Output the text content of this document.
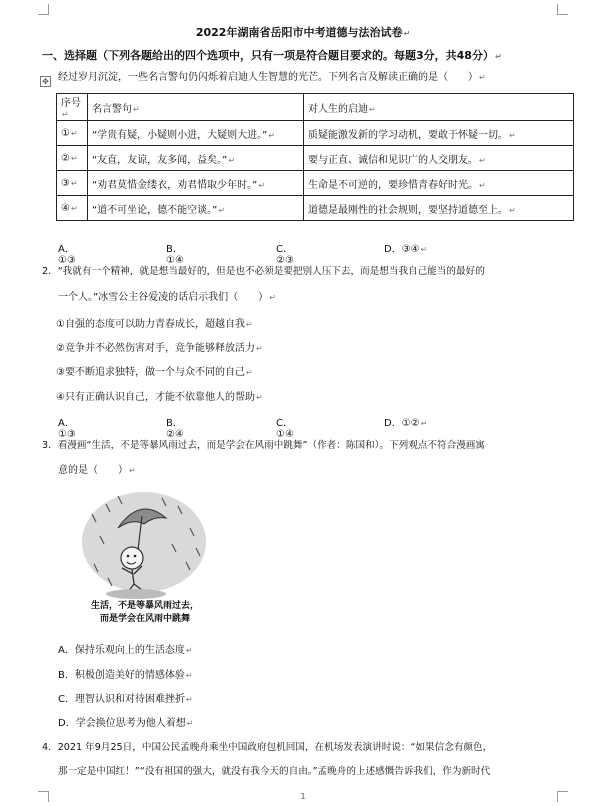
2022年湖南省岳阳市中考道德与法治试卷↵
一、选择题（下列各题给出的四个选项中，只有一项是符合题目要求的。每题3分，共48分）↵
✥ 经过岁月沉淀，一些名言警句仍闪烁着启迪人生智慧的光芒。下列名言及解读正确的是（　　）↵
序号↵	名言警句↵	对人生的启迪↵
①↵	“学贵有疑，小疑则小进，大疑则大进。”↵	质疑能激发新的学习动机，要敢于怀疑一切。↵
②↵	“友直，友谅，友多闻，益矣。”↵	要与正直、诚信和见识广的人交朋友。↵
③↵	“劝君莫惜金缕衣，劝君惜取少年时。”↵	生命是不可逆的，要珍惜青春好时光。↵
④↵	“道不可坐论，德不能空谈。”↵	道德是最刚性的社会规则，要坚持道德至上。↵
A．①③
B．①④
C．②③
D．③④↵
2．“我就有一个精神，就是想当最好的，但是也不必须是要把别人压下去，而是想当我自己能当的最好的
一个人。”冰雪公主谷爱凌的话启示我们（　　）↵
①自强的态度可以助力青春成长，超越自我↵
②竞争并不必然伤害对手，竞争能够释放活力↵
③要不断追求独特，做一个与众不同的自己↵
④只有正确认识自己，才能不依靠他人的帮助↵
A．①③
B．②④
C．①④
D．①②↵
3．看漫画“生活，不是等暴风雨过去，而是学会在风雨中跳舞”（作者：陈国和）。下列观点不符合漫画寓
意的是（　　）↵
生活，不是等暴风雨过去，
而是学会在风雨中跳舞
A．保持乐观向上的生活态度↵
B．积极创造美好的情感体验↵
C．理智认识和对待困难挫折↵
D．学会换位思考为他人着想↵
4．2021 年9月25日，中国公民孟晚舟乘坐中国政府包机回国，在机场发表演讲时说：“如果信念有颜色，
那一定是中国红！”“没有祖国的强大，就没有我今天的自由。”孟晚舟的上述感慨告诉我们，作为新时代
1
